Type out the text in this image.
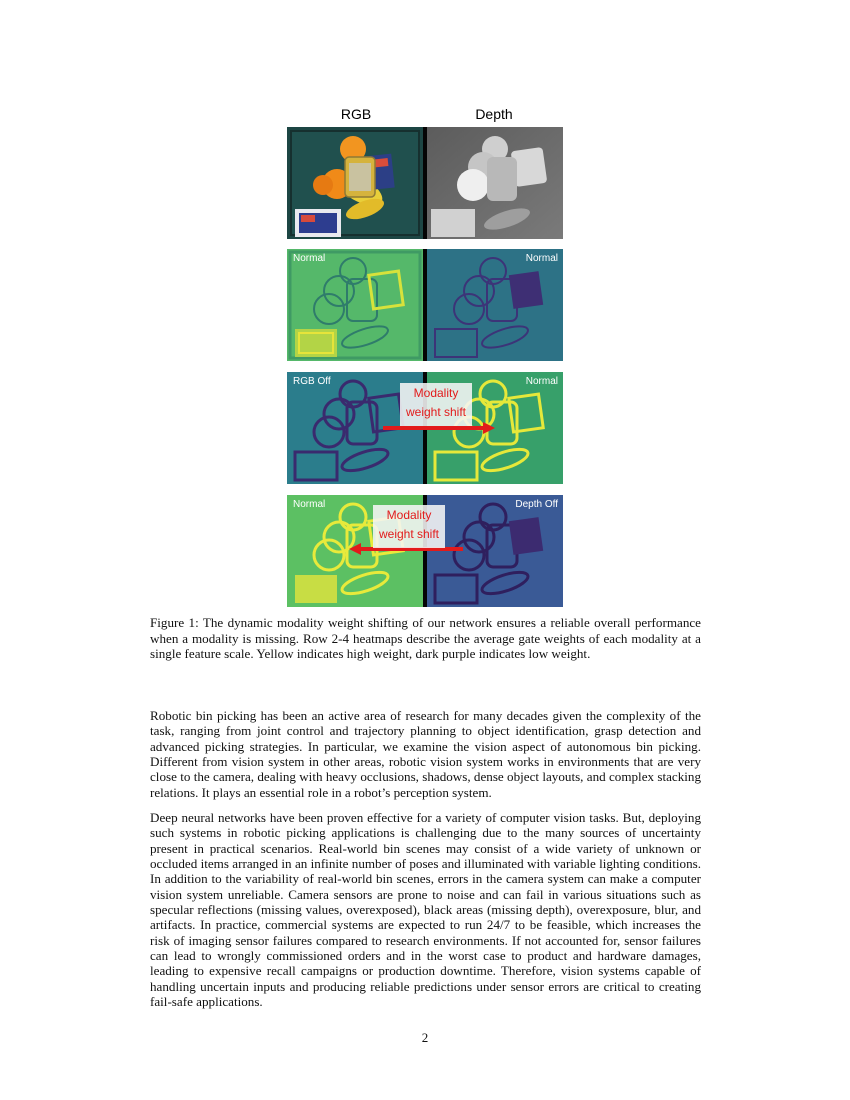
RGB	Depth
Normal	Normal
RGB Off	Normal
Modality
weight shift
Normal	Depth Off
Modality
weight shift
Figure 1: The dynamic modality weight shifting of our network ensures a reliable overall performance when a modality is missing. Row 2-4 heatmaps describe the average gate weights of each modality at a single feature scale. Yellow indicates high weight, dark purple indicates low weight.

Robotic bin picking has been an active area of research for many decades given the complexity of the task, ranging from joint control and trajectory planning to object identification, grasp detection and advanced picking strategies. In particular, we examine the vision aspect of autonomous bin picking. Different from vision system in other areas, robotic vision system works in environments that are very close to the camera, dealing with heavy occlusions, shadows, dense object layouts, and complex stacking relations. It plays an essential role in a robot’s perception system.

Deep neural networks have been proven effective for a variety of computer vision tasks. But, deploying such systems in robotic picking applications is challenging due to the many sources of uncertainty present in practical scenarios. Real-world bin scenes may consist of a wide variety of unknown or occluded items arranged in an infinite number of poses and illuminated with variable lighting conditions. In addition to the variability of real-world bin scenes, errors in the camera system can make a computer vision system unreliable. Camera sensors are prone to noise and can fail in various situations such as specular reflections (missing values, overexposed), black areas (missing depth), overexposure, blur, and artifacts. In practice, commercial systems are expected to run 24/7 to be feasible, which increases the risk of imaging sensor failures compared to research environments. If not accounted for, sensor failures can lead to wrongly commissioned orders and in the worst case to product and hardware damages, leading to expensive recall campaigns or production downtime. Therefore, vision systems capable of handling uncertain inputs and producing reliable predictions under sensor errors are critical to creating fail-safe applications.

2
